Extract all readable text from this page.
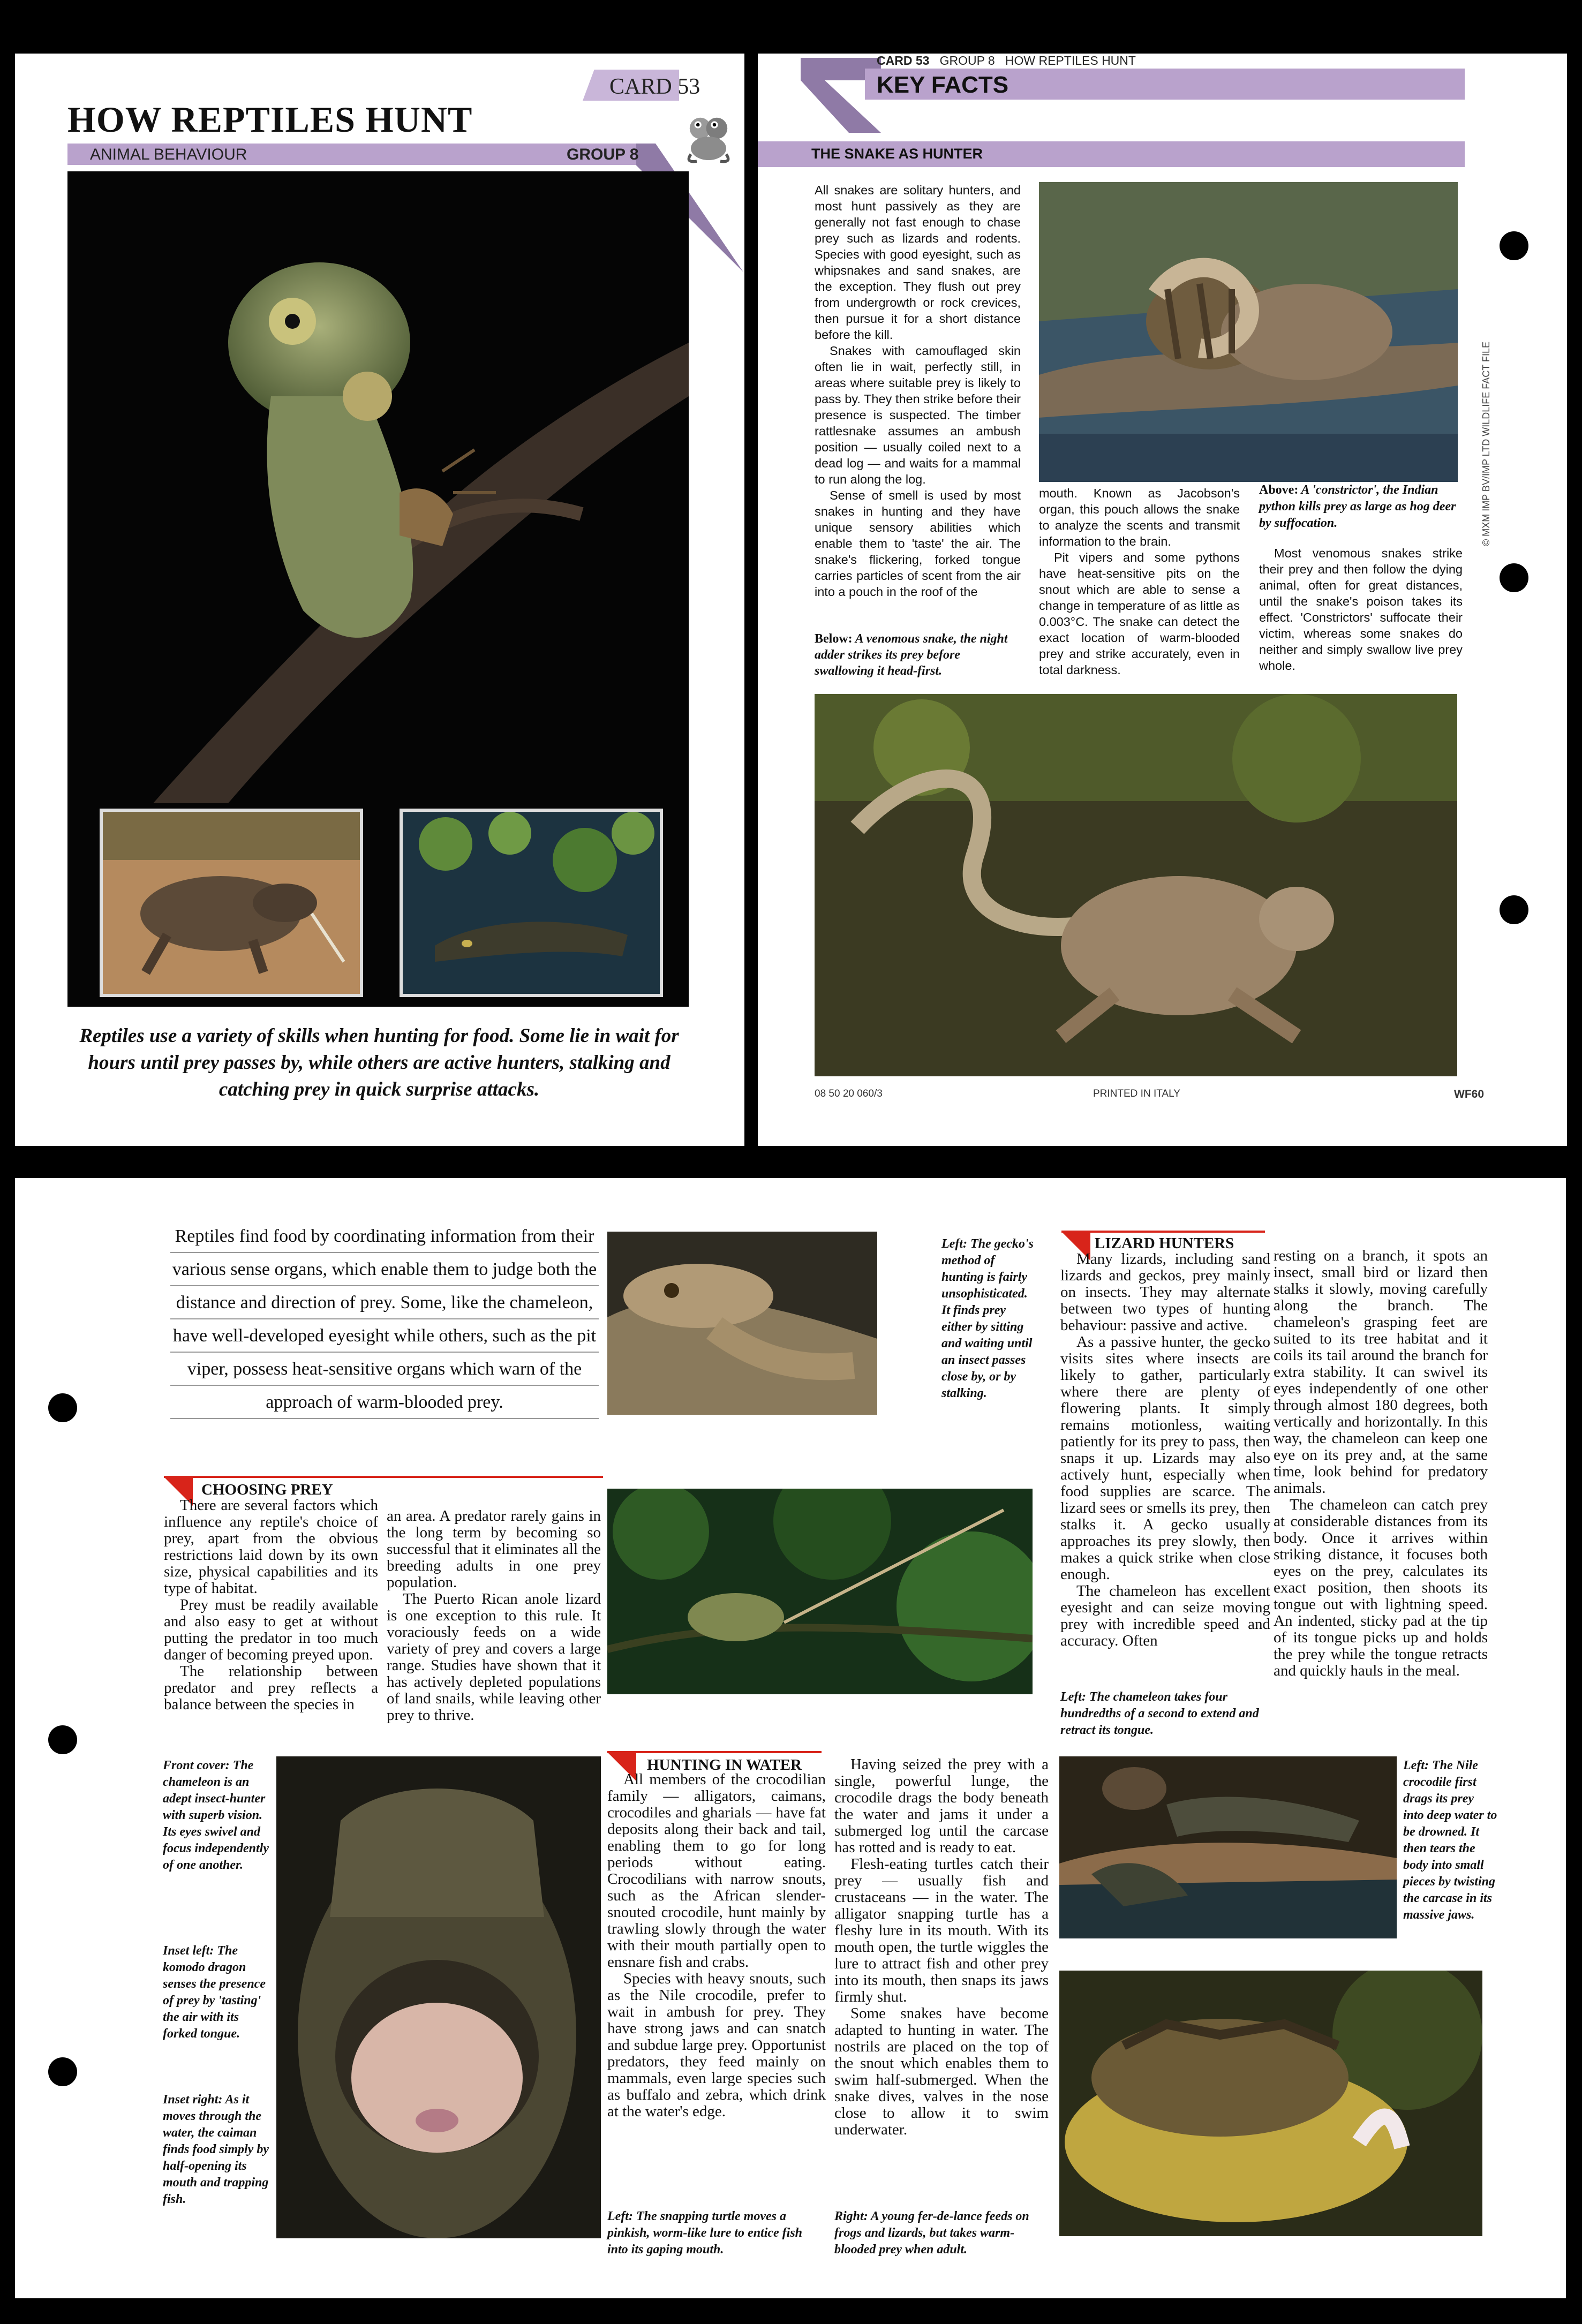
CARD 53
HOW REPTILES HUNT
ANIMAL BEHAVIOUR	GROUP 8
Reptiles use a variety of skills when hunting for food. Some lie in wait for hours until prey passes by, while others are active hunters, stalking and catching prey in quick surprise attacks.
CARD 53 GROUP 8 HOW REPTILES HUNT
KEY FACTS
THE SNAKE AS HUNTER

All snakes are solitary hunters, and most hunt passively as they are generally not fast enough to chase prey such as lizards and rodents. Species with good eyesight, such as whipsnakes and sand snakes, are the exception. They flush out prey from undergrowth or rock crevices, then pursue it for a short distance before the kill.

Snakes with camouflaged skin often lie in wait, perfectly still, in areas where suitable prey is likely to pass by. They then strike before their presence is suspected. The timber rattlesnake assumes an ambush position — usually coiled next to a dead log — and waits for a mammal to run along the log.

Sense of smell is used by most snakes in hunting and they have unique sensory abilities which enable them to 'taste' the air. The snake's flickering, forked tongue carries particles of scent from the air into a pouch in the roof of the

Below: A venomous snake, the night adder strikes its prey before swallowing it head-first.

mouth. Known as Jacobson's organ, this pouch allows the snake to analyze the scents and transmit information to the brain.

Pit vipers and some pythons have heat-sensitive pits on the snout which are able to sense a change in temperature of as little as 0.003°C. The snake can detect the exact location of warm-blooded prey and strike accurately, even in total darkness.

Above: A 'constrictor', the Indian python kills prey as large as hog deer by suffocation.

Most venomous snakes strike their prey and then follow the dying animal, often for great distances, until the snake's poison takes its effect. 'Constrictors' suffocate their victim, whereas some snakes do neither and simply swallow live prey whole.

© MXM IMP BV/IMP LTD WILDLIFE FACT FILE
08 50 20 060/3	PRINTED IN ITALY	WF60
Reptiles find food by coordinating information from their various sense organs, which enable them to judge both the distance and direction of prey. Some, like the chameleon, have well-developed eyesight while others, such as the pit viper, possess heat-sensitive organs which warn of the approach of warm-blooded prey.
CHOOSING PREY

There are several factors which influence any reptile's choice of prey, apart from the obvious restrictions laid down by its own size, physical capabilities and its type of habitat.

Prey must be readily available and also easy to get at without putting the predator in too much danger of becoming preyed upon.

The relationship between predator and prey reflects a balance between the species in

an area. A predator rarely gains in the long term by becoming so successful that it eliminates all the breeding adults in one prey population.

The Puerto Rican anole lizard is one exception to this rule. It voraciously feeds on a wide variety of prey and covers a large range. Studies have shown that it has actively depleted populations of land snails, while leaving other prey to thrive.

Front cover: The chameleon is an adept insect-hunter with superb vision. Its eyes swivel and focus independently of one another.
Inset left: The komodo dragon senses the presence of prey by 'tasting' the air with its forked tongue.
Inset right: As it moves through the water, the caiman finds food simply by half-opening its mouth and trapping fish.
Left: The gecko's method of hunting is fairly unsophisticated. It finds prey either by sitting and waiting until an insect passes close by, or by stalking.
LIZARD HUNTERS

Many lizards, including sand lizards and geckos, prey mainly on insects. They may alternate between two types of hunting behaviour: passive and active.

As a passive hunter, the gecko visits sites where insects are likely to gather, particularly where there are plenty of flowering plants. It simply remains motionless, waiting patiently for its prey to pass, then snaps it up. Lizards may also actively hunt, especially when food supplies are scarce. The lizard sees or smells its prey, then stalks it. A gecko usually approaches its prey slowly, then makes a quick strike when close enough.

The chameleon has excellent eyesight and can seize moving prey with incredible speed and accuracy. Often

Left: The chameleon takes four hundredths of a second to extend and retract its tongue.

resting on a branch, it spots an insect, small bird or lizard then stalks it slowly, moving carefully along the branch. The chameleon's grasping feet are suited to its tree habitat and it coils its tail around the branch for extra stability. It can swivel its eyes independently of one other through almost 180 degrees, both vertically and horizontally. In this way, the chameleon can keep one eye on its prey and, at the same time, look behind for predatory animals.

The chameleon can catch prey at considerable distances from its body. Once it arrives within striking distance, it focuses both eyes on the prey, calculates its exact position, then shoots its tongue out with lightning speed. An indented, sticky pad at the tip of its tongue picks up and holds the prey while the tongue retracts and quickly hauls in the meal.

HUNTING IN WATER

All members of the crocodilian family — alligators, caimans, crocodiles and gharials — have fat deposits along their back and tail, enabling them to go for long periods without eating. Crocodilians with narrow snouts, such as the African slender-snouted crocodile, hunt mainly by trawling slowly through the water with their mouth partially open to ensnare fish and crabs.

Species with heavy snouts, such as the Nile crocodile, prefer to wait in ambush for prey. They have strong jaws and can snatch and subdue large prey. Opportunist predators, they feed mainly on mammals, even large species such as buffalo and zebra, which drink at the water's edge.

Left: The snapping turtle moves a pinkish, worm-like lure to entice fish into its gaping mouth.

Having seized the prey with a single, powerful lunge, the crocodile drags the body beneath the water and jams it under a submerged log until the carcase has rotted and is ready to eat.

Flesh-eating turtles catch their prey — usually fish and crustaceans — in the water. The alligator snapping turtle has a fleshy lure in its mouth. With its mouth open, the turtle wiggles the lure to attract fish and other prey into its mouth, then snaps its jaws firmly shut.

Some snakes have become adapted to hunting in water. The nostrils are placed on the top of the snout which enables them to swim half-submerged. When the snake dives, valves in the nose close to allow it to swim underwater.

Right: A young fer-de-lance feeds on frogs and lizards, but takes warm-blooded prey when adult.
Left: The Nile crocodile first drags its prey into deep water to be drowned. It then tears the body into small pieces by twisting the carcase in its massive jaws.
